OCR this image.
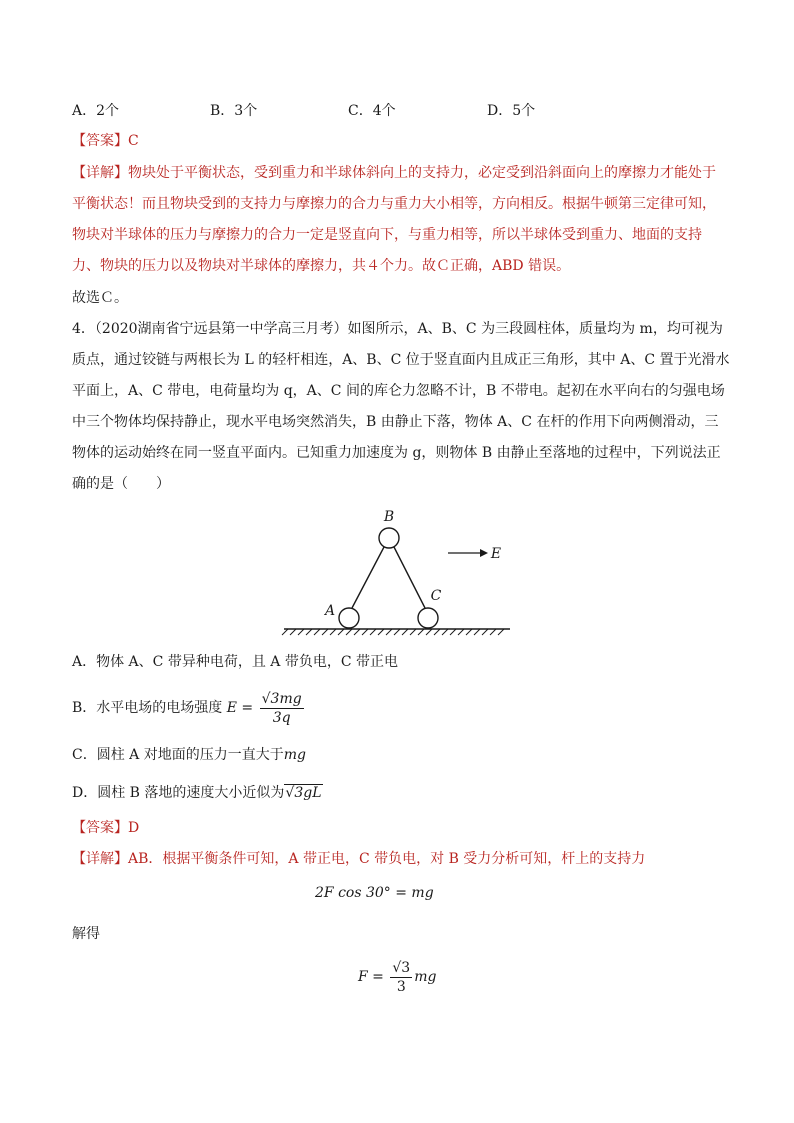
A．2个	B．3个	C．4个	D．5个
【答案】C
【详解】物块处于平衡状态，受到重力和半球体斜向上的支持力，必定受到沿斜面向上的摩擦力才能处于
平衡状态！而且物块受到的支持力与摩擦力的合力与重力大小相等，方向相反。根据牛顿第三定律可知，
物块对半球体的压力与摩擦力的合力一定是竖直向下，与重力相等，所以半球体受到重力、地面的支持
力、物块的压力以及物块对半球体的摩擦力，共４个力。故Ｃ正确，ABD 错误。
故选Ｃ。
4．（2020湖南省宁远县第一中学高三月考）如图所示，A、B、C 为三段圆柱体，质量均为 m，均可视为
质点，通过铰链与两根长为 L 的轻杆相连，A、B、C 位于竖直面内且成正三角形，其中 A、C 置于光滑水
平面上，A、C 带电，电荷量均为 q，A、C 间的库仑力忽略不计，B 不带电。起初在水平向右的匀强电场
中三个物体均保持静止，现水平电场突然消失，B 由静止下落，物体 A、C 在杆的作用下向两侧滑动，三
物体的运动始终在同一竖直平面内。已知重力加速度为 g，则物体 B 由静止至落地的过程中，下列说法正
确的是（　　）
B
A
C
E
A．物体 A、C 带异种电荷，且 A 带负电，C 带正电
B．水平电场的电场强度 $E = \frac{√3mg}{3q}$
C．圆柱 A 对地面的压力一直大于mg
D．圆柱 B 落地的速度大小近似为√3gL
【答案】D
【详解】AB．根据平衡条件可知，A 带正电，C 带负电，对 B 受力分析可知，杆上的支持力
2F cos 30° = mg
解得
$F = \frac{√3}{3}$ mg
